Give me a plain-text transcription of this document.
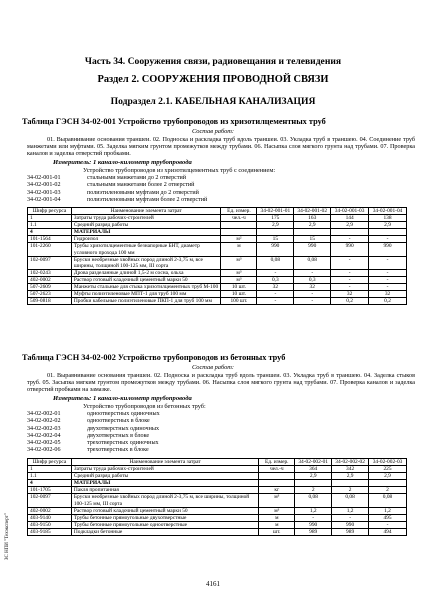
Часть 34. Сооружения связи, радиовещания и телевидения
Раздел 2. СООРУЖЕНИЯ ПРОВОДНОЙ СВЯЗИ
Подраздел 2.1. КАБЕЛЬНАЯ КАНАЛИЗАЦИЯ
Таблица ГЭСН 34-02-001 Устройство трубопроводов из хризотилцементных труб
Состав работ:
01. Выравнивание основания траншеи. 02. Подноска и раскладка труб вдоль траншеи. 03. Укладка труб в траншею. 04. Соединение труб манжетами или муфтами. 05. Заделка мягким грунтом промежутков между трубами. 06. Насыпка слоя мягкого грунта над трубами. 07. Проверка каналов и заделка отверстий пробками.
Измеритель: 1 канало-километр трубопровода
Устройство трубопроводов из хризотилцементных труб с соединением:
34-02-001-01	стальными манжетами до 2 отверстий
34-02-001-02	стальными манжетами более 2 отверстий
34-02-001-03	полиэтиленовыми муфтами до 2 отверстий
34-02-001-04	полиэтиленовыми муфтами более 2 отверстий
Шифр ресурса	Наименование элемента затрат	Ед. измер.	34-02-001-01	34-02-001-02	34-02-001-03	34-02-001-04
1	Затраты труда рабочих-строителей	чел.-ч	175	163	144	138
1.1	Средний разряд работы		2,9	2,9	2,9	2,9
4	МАТЕРИАЛЫ					
101-1564	Гидроизол	м²	15	15	-	-
101-2260	Трубы хризотилцементные безнапорные БНТ, диаметр условного прохода 100 мм	м	990	990	990	990
102-0097	Бруски необрезные хвойных пород длиной 2-3,75 м, все ширины, толщиной 100-125 мм, III сорта	м³	0,08	0,08	-	-
102-0243	Дрова разделанные длиной 1,5-2 м сосна, ольха	м³	-	-	-	-
402-0002	Раствор готовый кладочный цементный марки 50	м³	0,3	0,3	-	-
507-2609	Манжеты стальные для стыка хризотилцементных труб М-100	10 шт.	32	32	-	-
507-2623	Муфты полиэтиленовые МПТ-1 для труб 100 мм	10 шт.	-	-	32	32
509-0818	Пробки кабельные полиэтиленовые ПКП-1 для труб 100 мм	100 шт.	-	-	0,2	0,2
Таблица ГЭСН 34-02-002 Устройство трубопроводов из бетонных труб
Состав работ:
01. Выравнивание основания траншеи. 02. Подноска и раскладка труб вдоль траншеи. 03. Укладка труб в траншею. 04. Заделка стыков труб. 05. Засыпка мягким грунтом промежутков между трубами. 06. Насыпка слоя мягкого грунта над трубами. 07. Проверка каналов и заделка отверстий пробками на замазке.
Измеритель: 1 канало-километр трубопровода
Устройство трубопроводов из бетонных труб:
34-02-002-01	одноотверстных одиночных
34-02-002-02	одноотверстных в блоке
34-02-002-03	двухотверстных одиночных
34-02-002-04	двухотверстных в блоке
34-02-002-05	трехотверстных одиночных
34-02-002-06	трехотверстных в блоке
Шифр ресурса	Наименование элемента затрат	Ед. измер.	34-02-002-01	34-02-002-02	34-02-002-03
1	Затраты труда рабочих-строителей	чел.-ч	364	342	225
1.1	Средний разряд работы		2,9	2,9	2,9
4	МАТЕРИАЛЫ				
101-1705	Пакля пропитанная	кг	2	2	2
102-0097	Бруски необрезные хвойных пород длиной 2-3,75 м, все ширины, толщиной 100-125 мм, III сорта	м³	0,08	0,08	0,08
402-0002	Раствор готовый кладочный цементный марки 50	м³	1,2	1,2	1,2
403-9140	Трубы бетонные прямоугольные двухотверстные	м	-	-	495
403-9150	Трубы бетонные прямоугольные одноотверстные	м	990	990	-
403-9185	Подкладки бетонные	шт.	989	989	494
4161
ЗС НПИ "Техэксперт"
